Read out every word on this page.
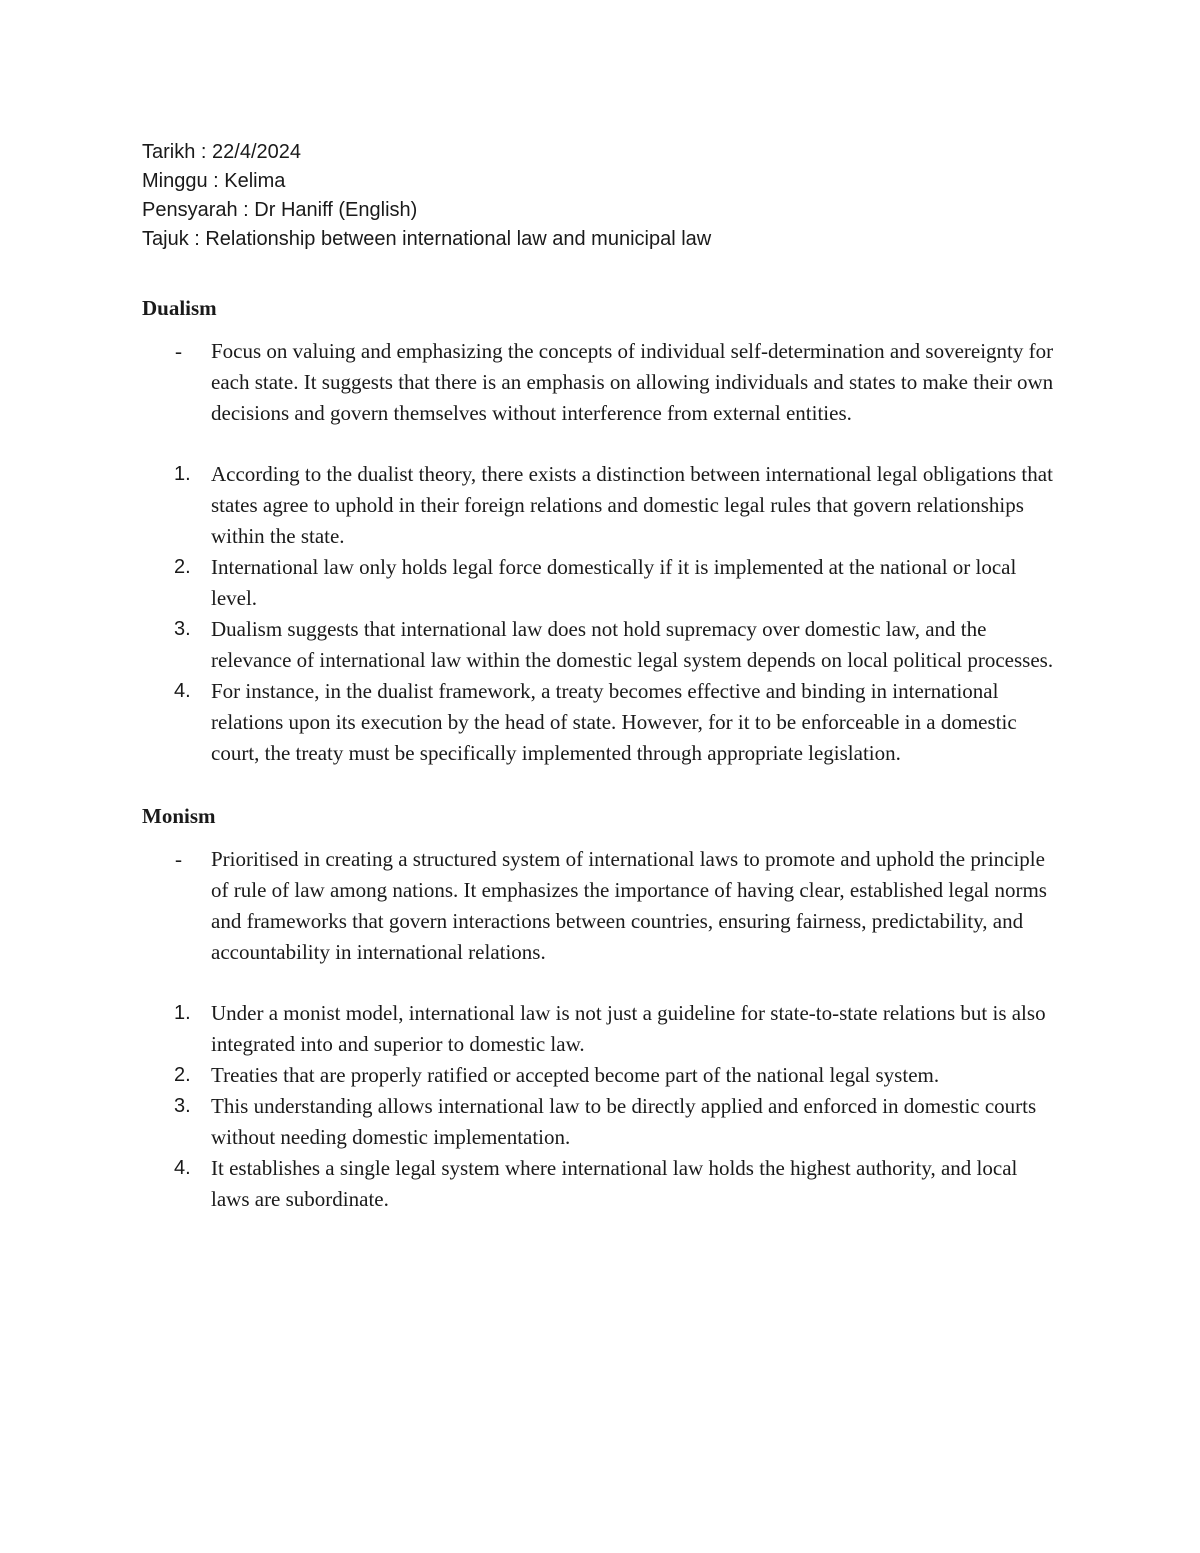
Tarikh : 22/4/2024
Minggu : Kelima
Pensyarah : Dr Haniff (English)
Tajuk : Relationship between international law and municipal law
Dualism
-	Focus on valuing and emphasizing the concepts of individual self-determination and sovereignty for each state. It suggests that there is an emphasis on allowing individuals and states to make their own decisions and govern themselves without interference from external entities.
1. According to the dualist theory, there exists a distinction between international legal obligations that states agree to uphold in their foreign relations and domestic legal rules that govern relationships within the state.
2. International law only holds legal force domestically if it is implemented at the national or local level.
3. Dualism suggests that international law does not hold supremacy over domestic law, and the relevance of international law within the domestic legal system depends on local political processes.
4. For instance, in the dualist framework, a treaty becomes effective and binding in international relations upon its execution by the head of state. However, for it to be enforceable in a domestic court, the treaty must be specifically implemented through appropriate legislation.
Monism
-	Prioritised in creating a structured system of international laws to promote and uphold the principle of rule of law among nations. It emphasizes the importance of having clear, established legal norms and frameworks that govern interactions between countries, ensuring fairness, predictability, and accountability in international relations.
1. Under a monist model, international law is not just a guideline for state-to-state relations but is also integrated into and superior to domestic law.
2. Treaties that are properly ratified or accepted become part of the national legal system.
3. This understanding allows international law to be directly applied and enforced in domestic courts without needing domestic implementation.
4. It establishes a single legal system where international law holds the highest authority, and local laws are subordinate.
